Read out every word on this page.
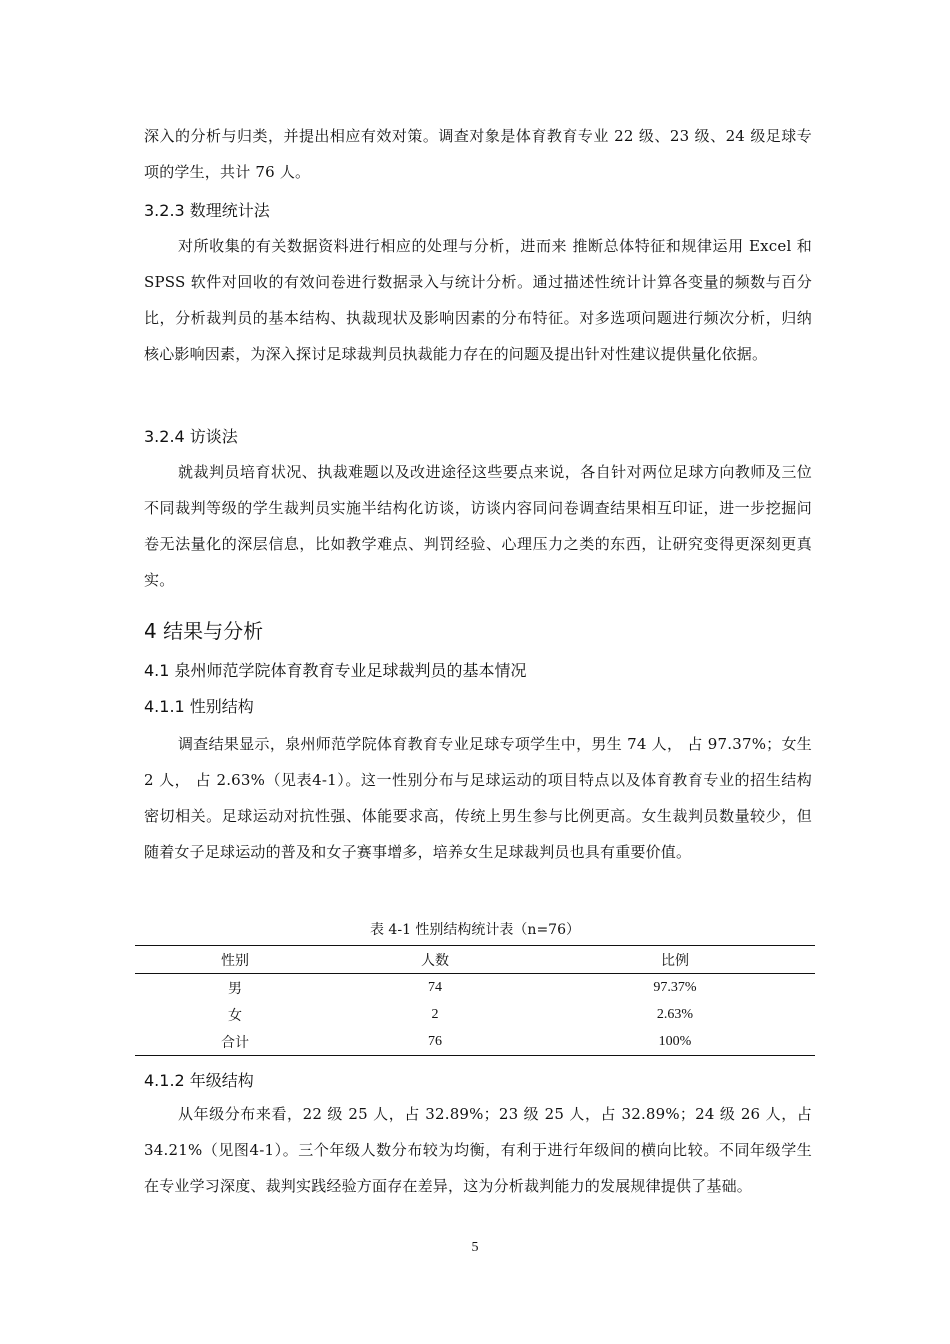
深入的分析与归类，并提出相应有效对策。调查对象是体育教育专业 22 级、23 级、24 级足球专项的学生，共计 76 人。

3.2.3 数理统计法

对所收集的有关数据资料进行相应的处理与分析，进而来 推断总体特征和规律运用 Excel 和 SPSS 软件对回收的有效问卷进行数据录入与统计分析。通过描述性统计计算各变量的频数与百分比，分析裁判员的基本结构、执裁现状及影响因素的分布特征。对多选项问题进行频次分析，归纳核心影响因素，为深入探讨足球裁判员执裁能力存在的问题及提出针对性建议提供量化依据。

3.2.4 访谈法

就裁判员培育状况、执裁难题以及改进途径这些要点来说，各自针对两位足球方向教师及三位不同裁判等级的学生裁判员实施半结构化访谈，访谈内容同问卷调查结果相互印证，进一步挖掘问卷无法量化的深层信息，比如教学难点、判罚经验、心理压力之类的东西，让研究变得更深刻更真实。

4 结果与分析
4.1 泉州师范学院体育教育专业足球裁判员的基本情况
4.1.1 性别结构

调查结果显示，泉州师范学院体育教育专业足球专项学生中，男生 74 人， 占 97.37%；女生 2 人， 占 2.63%（见表4-1）。这一性别分布与足球运动的项目特点以及体育教育专业的招生结构密切相关。足球运动对抗性强、体能要求高，传统上男生参与比例更高。女生裁判员数量较少，但随着女子足球运动的普及和女子赛事增多，培养女生足球裁判员也具有重要价值。

表 4-1 性别结构统计表（n=76）

性别	人数	比例
男	74	97.37%
女	2	2.63%
合计	76	100%
4.1.2 年级结构

从年级分布来看，22 级 25 人，占 32.89%；23 级 25 人，占 32.89%；24 级 26 人，占 34.21%（见图4-1）。三个年级人数分布较为均衡，有利于进行年级间的横向比较。不同年级学生在专业学习深度、裁判实践经验方面存在差异，这为分析裁判能力的发展规律提供了基础。

5
